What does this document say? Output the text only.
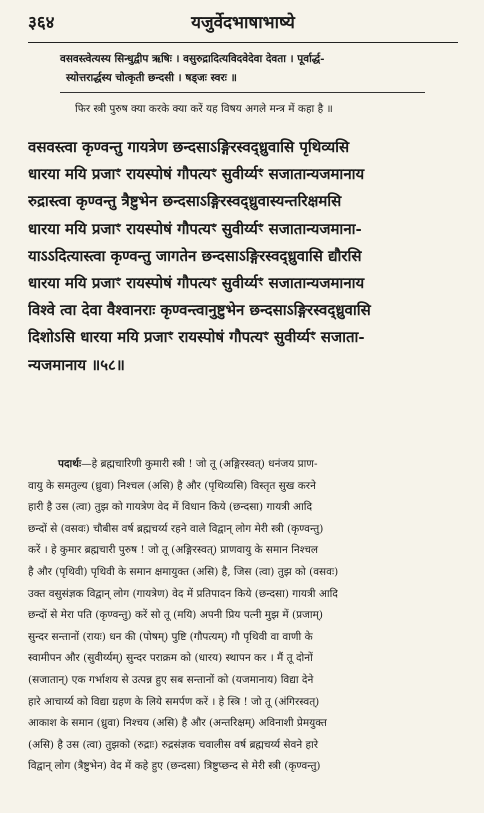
३६४	यजुर्वेदभाषाभाष्ये
वसवस्त्वेत्यस्य सिन्धुद्वीप ऋषिः । वसुरुद्रादित्यविदवेदेवा देवता । पूर्वार्द्ध-
स्योत्तरार्द्धस्य चोत्कृती छन्दसी । षड्जः स्वरः ॥
फिर स्त्री पुरुष क्या करके क्या करें यह विषय अगले मन्त्र में कहा है ॥
वसवस्त्वा कृण्वन्तु गायत्रेण छन्दसाऽङ्गिरस्वद्ध्रुवासि पृथिव्यसि
धारया मयि प्रजाꣳ रायस्पोषं गौपत्यꣳ सुवीर्य्यꣳ सजातान्यजमानाय
रुद्रास्त्वा कृण्वन्तु त्रैष्टुभेन छन्दसाऽङ्गिरस्वद्ध्रुवास्यन्तरिक्षमसि
धारया मयि प्रजाꣳ रायस्पोषं गौपत्यꣳ सुवीर्य्यꣳ सजातान्यजमाना-
याऽऽदित्यास्त्वा कृण्वन्तु जागतेन छन्दसाऽङ्गिरस्वद्ध्रुवासि द्यौरसि
धारया मयि प्रजाꣳ रायस्पोषं गौपत्यꣳ सुवीर्य्यꣳ सजातान्यजमानाय
विश्वे त्वा देवा वैश्वानराः कृण्वन्त्वानुष्टुभेन छन्दसाऽङ्गिरस्वद्ध्रुवासि
दिशोऽसि धारया मयि प्रजाꣳ रायस्पोषं गौपत्यꣳ सुवीर्य्यꣳ सजाता-
न्यजमानाय ॥५८॥
पदार्थः—हे ब्रह्मचारिणी कुमारी स्त्री ! जो तू (अङ्गिरस्वत्) धनंजय प्राण-
वायु के समतुल्य (ध्रुवा) निश्चल (असि) है और (पृथिव्यसि) विस्तृत सुख करने
हारी है उस (त्वा) तुझ को गायत्रेण वेद में विधान किये (छन्दसा) गायत्री आदि
छन्दों से (वसवः) चौबीस वर्ष ब्रह्मचर्य्य रहने वाले विद्वान् लोग मेरी स्त्री (कृण्वन्तु)
करें । हे कुमार ब्रह्मचारी पुरुष ! जो तू (अङ्गिरस्वत्) प्राणवायु के समान निश्चल
है और (पृथिवी) पृथिवी के समान क्षमायुक्त (असि) है, जिस (त्वा) तुझ को (वसवः)
उक्त वसुसंज्ञक विद्वान् लोग (गायत्रेण) वेद में प्रतिपादन किये (छन्दसा) गायत्री आदि
छन्दों से मेरा पति (कृण्वन्तु) करें सो तू (मयि) अपनी प्रिय पत्नी मुझ में (प्रजाम्)
सुन्दर सन्तानों (रायः) धन की (पोषम्) पुष्टि (गौपत्यम्) गौ पृथिवी वा वाणी के
स्वामीपन और (सुवीर्य्यम्) सुन्दर पराक्रम को (धारय) स्थापन कर । मैं तू दोनों
(सजातान्) एक गर्भाशय से उत्पन्न हुए सब सन्तानों को (यजमानाय) विद्या देने
हारे आचार्य्य को विद्या ग्रहण के लिये समर्पण करें । हे स्त्रि ! जो तू (अंगिरस्वत्)
आकाश के समान (ध्रुवा) निश्चय (असि) है और (अन्तरिक्षम्) अविनाशी प्रेमयुक्त
(असि) है उस (त्वा) तुझको (रुद्राः) रुद्रसंज्ञक चवालीस वर्ष ब्रह्मचर्य्य सेवने हारे
विद्वान् लोग (त्रैष्टुभेन) वेद में कहे हुए (छन्दसा) त्रिष्टुप्छन्द से मेरी स्त्री (कृण्वन्तु)
